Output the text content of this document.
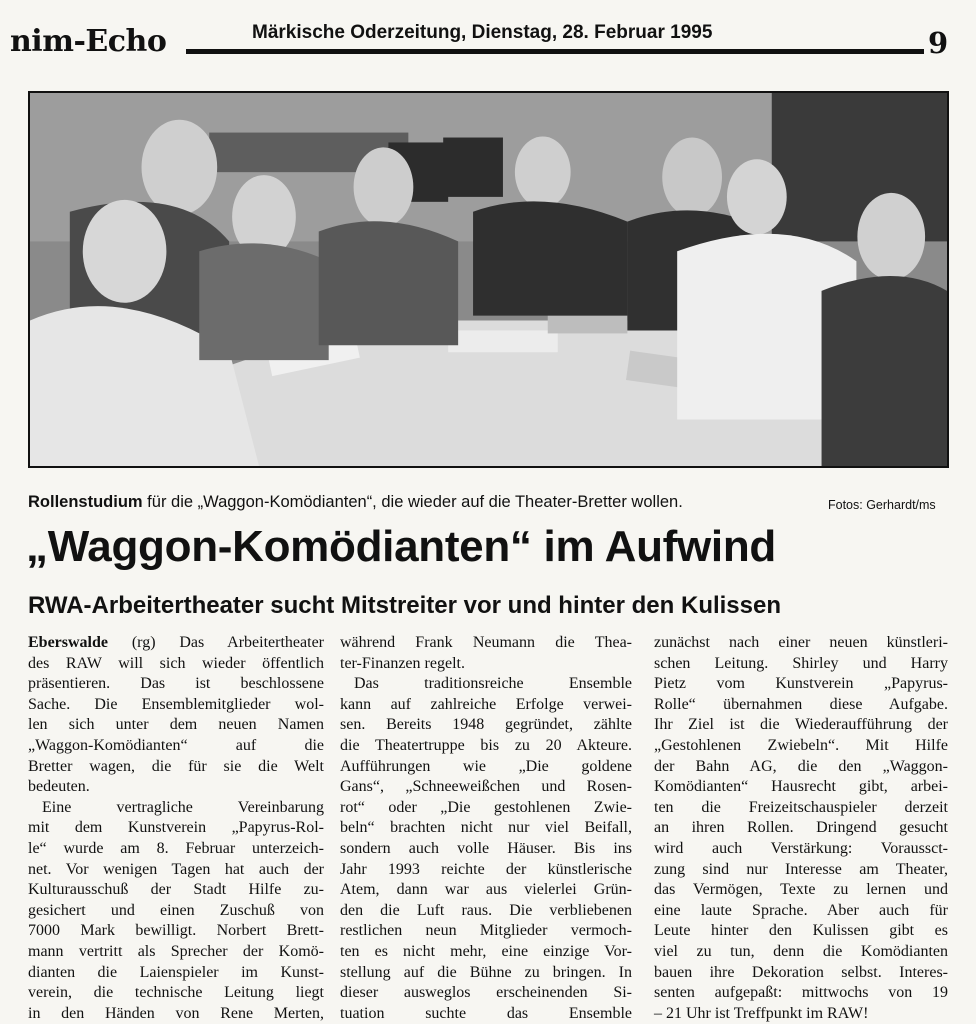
nim-Echo	Märkische Oderzeitung, Dienstag, 28. Februar 1995	9
Rollenstudium für die „Waggon-Komödianten“, die wieder auf die Theater-Bretter wollen.	Fotos: Gerhardt/ms
„Waggon-Komödianten“ im Aufwind
RWA-Arbeitertheater sucht Mitstreiter vor und hinter den Kulissen
Eberswalde (rg) Das Arbeitertheater
des RAW will sich wieder öffentlich
präsentieren. Das ist beschlossene
Sache. Die Ensemblemitglieder wol-
len sich unter dem neuen Namen
„Waggon-Komödianten“ auf die
Bretter wagen, die für sie die Welt
bedeuten.
Eine vertragliche Vereinbarung
mit dem Kunstverein „Papyrus-Rol-
le“ wurde am 8. Februar unterzeich-
net. Vor wenigen Tagen hat auch der
Kulturausschuß der Stadt Hilfe zu-
gesichert und einen Zuschuß von
7000 Mark bewilligt. Norbert Brett-
mann vertritt als Sprecher der Komö-
dianten die Laienspieler im Kunst-
verein, die technische Leitung liegt
in den Händen von Rene Merten,
während Frank Neumann die Thea-
ter-Finanzen regelt.
Das traditionsreiche Ensemble
kann auf zahlreiche Erfolge verwei-
sen. Bereits 1948 gegründet, zählte
die Theatertruppe bis zu 20 Akteure.
Aufführungen wie „Die goldene
Gans“, „Schneeweißchen und Rosen-
rot“ oder „Die gestohlenen Zwie-
beln“ brachten nicht nur viel Beifall,
sondern auch volle Häuser. Bis ins
Jahr 1993 reichte der künstlerische
Atem, dann war aus vielerlei Grün-
den die Luft raus. Die verbliebenen
restlichen neun Mitglieder vermoch-
ten es nicht mehr, eine einzige Vor-
stellung auf die Bühne zu bringen. In
dieser ausweglos erscheinenden Si-
tuation suchte das Ensemble
zunächst nach einer neuen künstleri-
schen Leitung. Shirley und Harry
Pietz vom Kunstverein „Papyrus-
Rolle“ übernahmen diese Aufgabe.
Ihr Ziel ist die Wiederaufführung der
„Gestohlenen Zwiebeln“. Mit Hilfe
der Bahn AG, die den „Waggon-
Komödianten“ Hausrecht gibt, arbei-
ten die Freizeitschauspieler derzeit
an ihren Rollen. Dringend gesucht
wird auch Verstärkung: Voraussct-
zung sind nur Interesse am Theater,
das Vermögen, Texte zu lernen und
eine laute Sprache. Aber auch für
Leute hinter den Kulissen gibt es
viel zu tun, denn die Komödianten
bauen ihre Dekoration selbst. Interes-
senten aufgepaßt: mittwochs von 19
– 21 Uhr ist Treffpunkt im RAW!
